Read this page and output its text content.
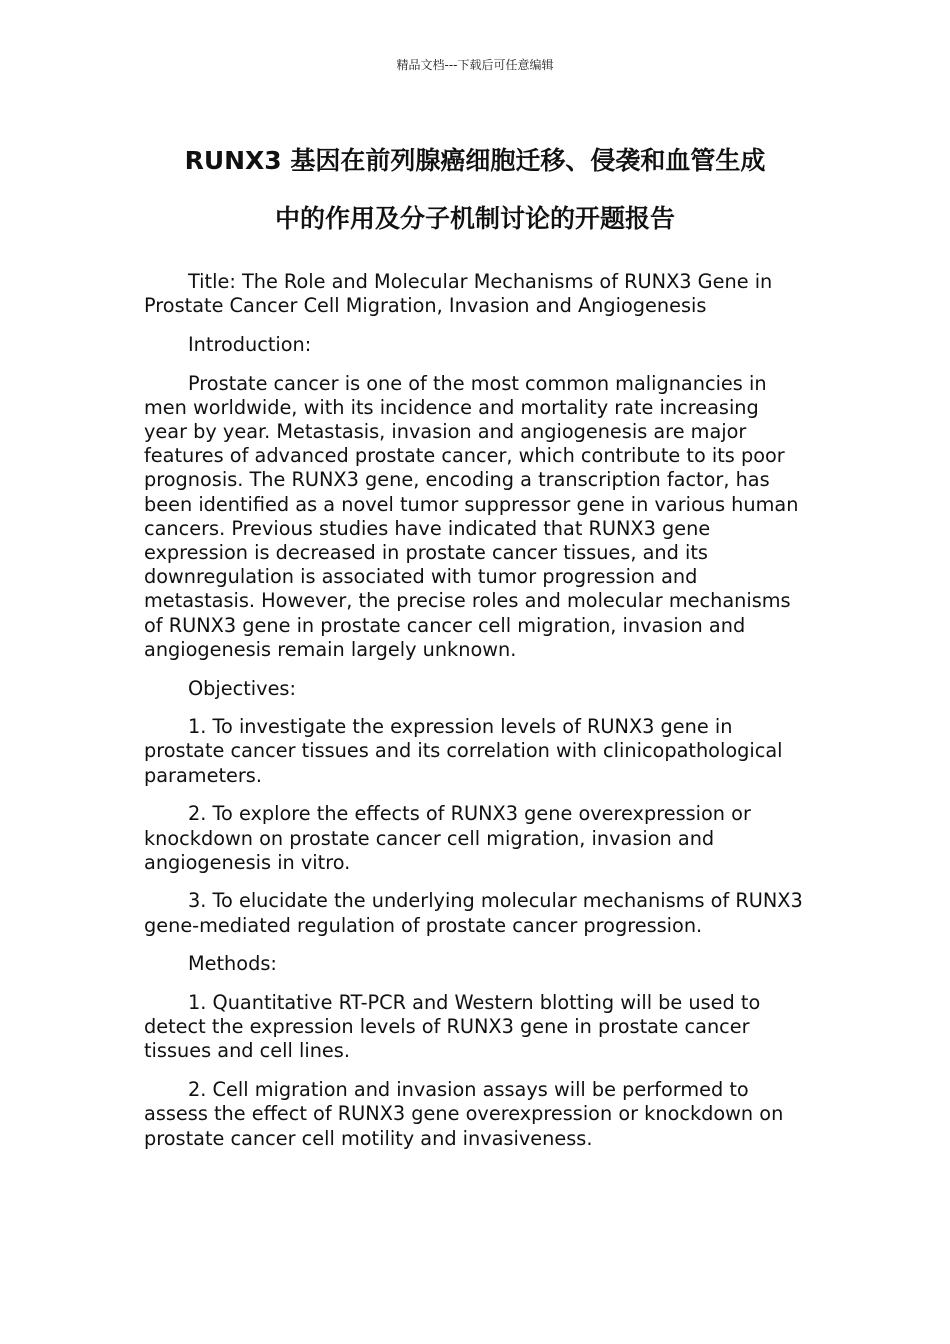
精品文档---下载后可任意编辑
RUNX3 基因在前列腺癌细胞迁移、侵袭和血管生成
中的作用及分子机制讨论的开题报告

Title: The Role and Molecular Mechanisms of RUNX3 Gene in Prostate Cancer Cell Migration, Invasion and Angiogenesis

Introduction:

Prostate cancer is one of the most common malignancies in men worldwide, with its incidence and mortality rate increasing year by year. Metastasis, invasion and angiogenesis are major features of advanced prostate cancer, which contribute to its poor prognosis. The RUNX3 gene, encoding a transcription factor, has been identified as a novel tumor suppressor gene in various human cancers. Previous studies have indicated that RUNX3 gene expression is decreased in prostate cancer tissues, and its downregulation is associated with tumor progression and metastasis. However, the precise roles and molecular mechanisms of RUNX3 gene in prostate cancer cell migration, invasion and angiogenesis remain largely unknown.

Objectives:

1. To investigate the expression levels of RUNX3 gene in prostate cancer tissues and its correlation with clinicopathological parameters.

2. To explore the effects of RUNX3 gene overexpression or knockdown on prostate cancer cell migration, invasion and angiogenesis in vitro.

3. To elucidate the underlying molecular mechanisms of RUNX3 gene-mediated regulation of prostate cancer progression.

Methods:

1. Quantitative RT-PCR and Western blotting will be used to detect the expression levels of RUNX3 gene in prostate cancer tissues and cell lines.

2. Cell migration and invasion assays will be performed to assess the effect of RUNX3 gene overexpression or knockdown on prostate cancer cell motility and invasiveness.
